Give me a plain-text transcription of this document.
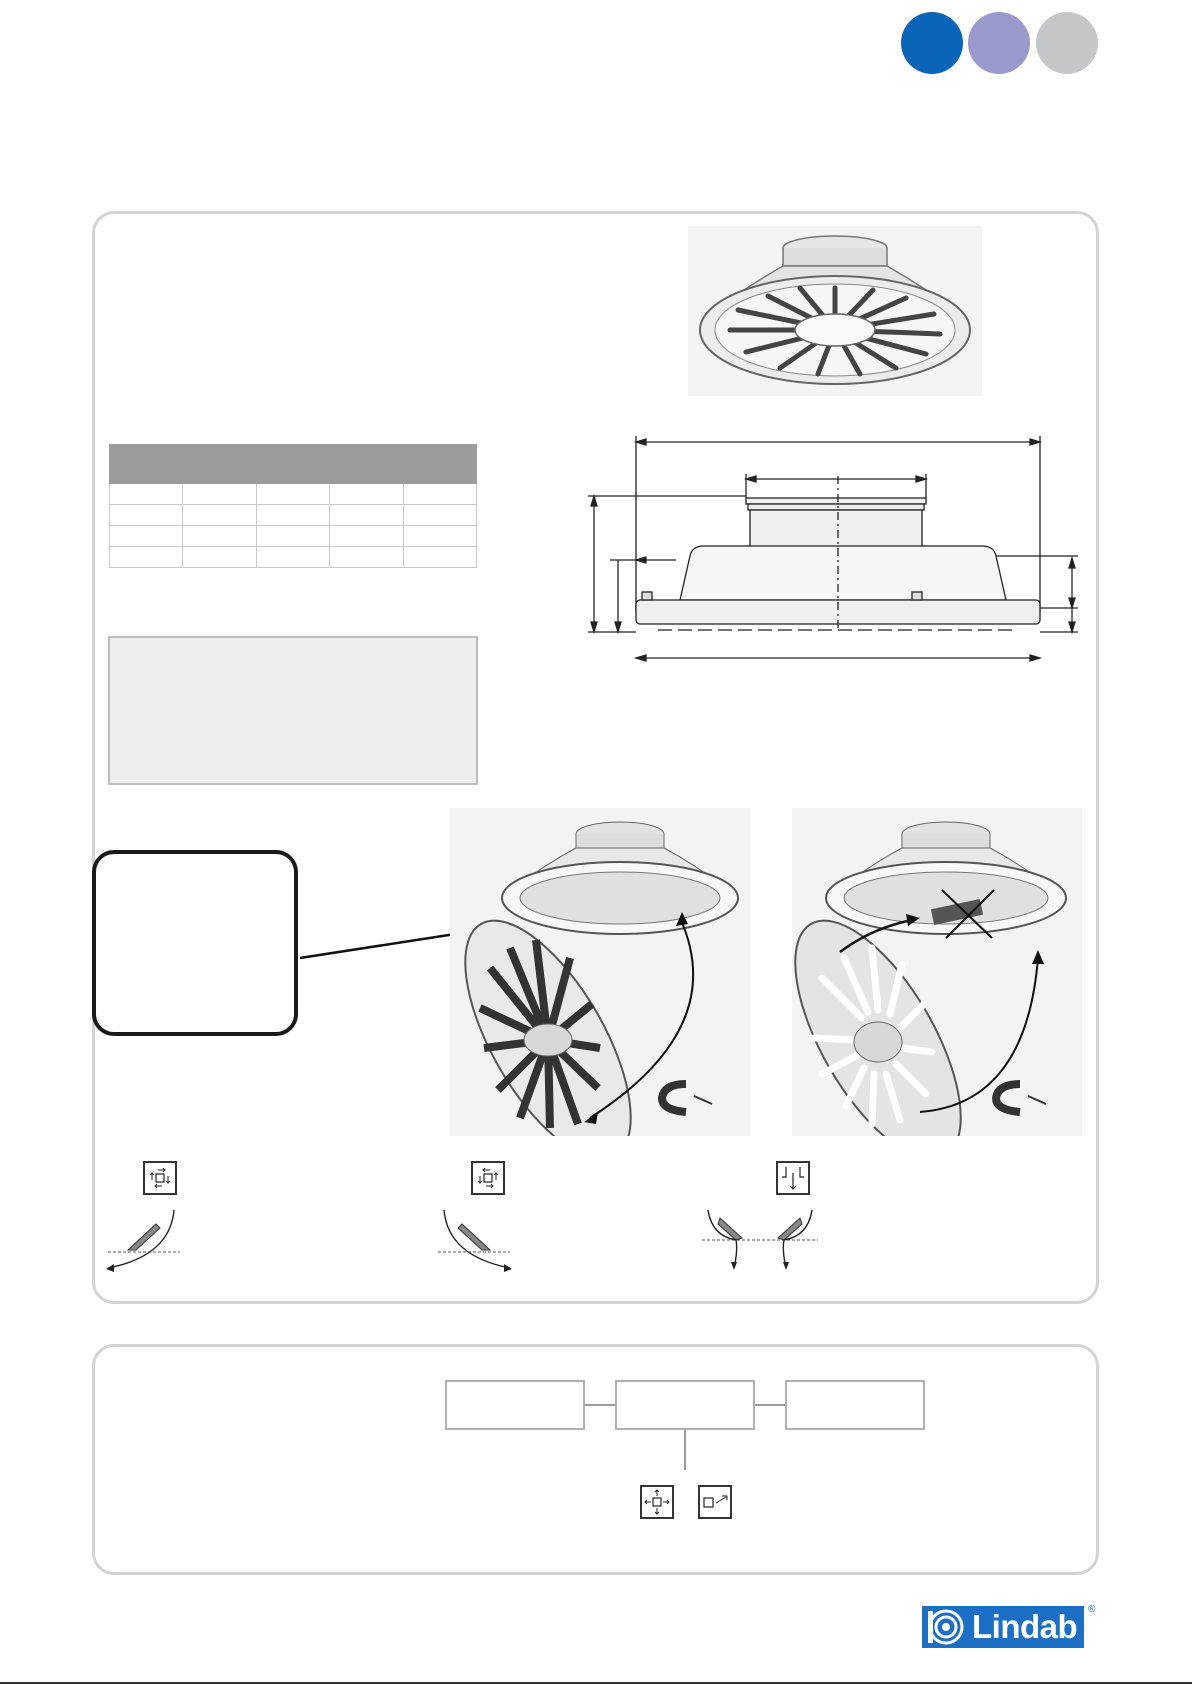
Lindab ®
